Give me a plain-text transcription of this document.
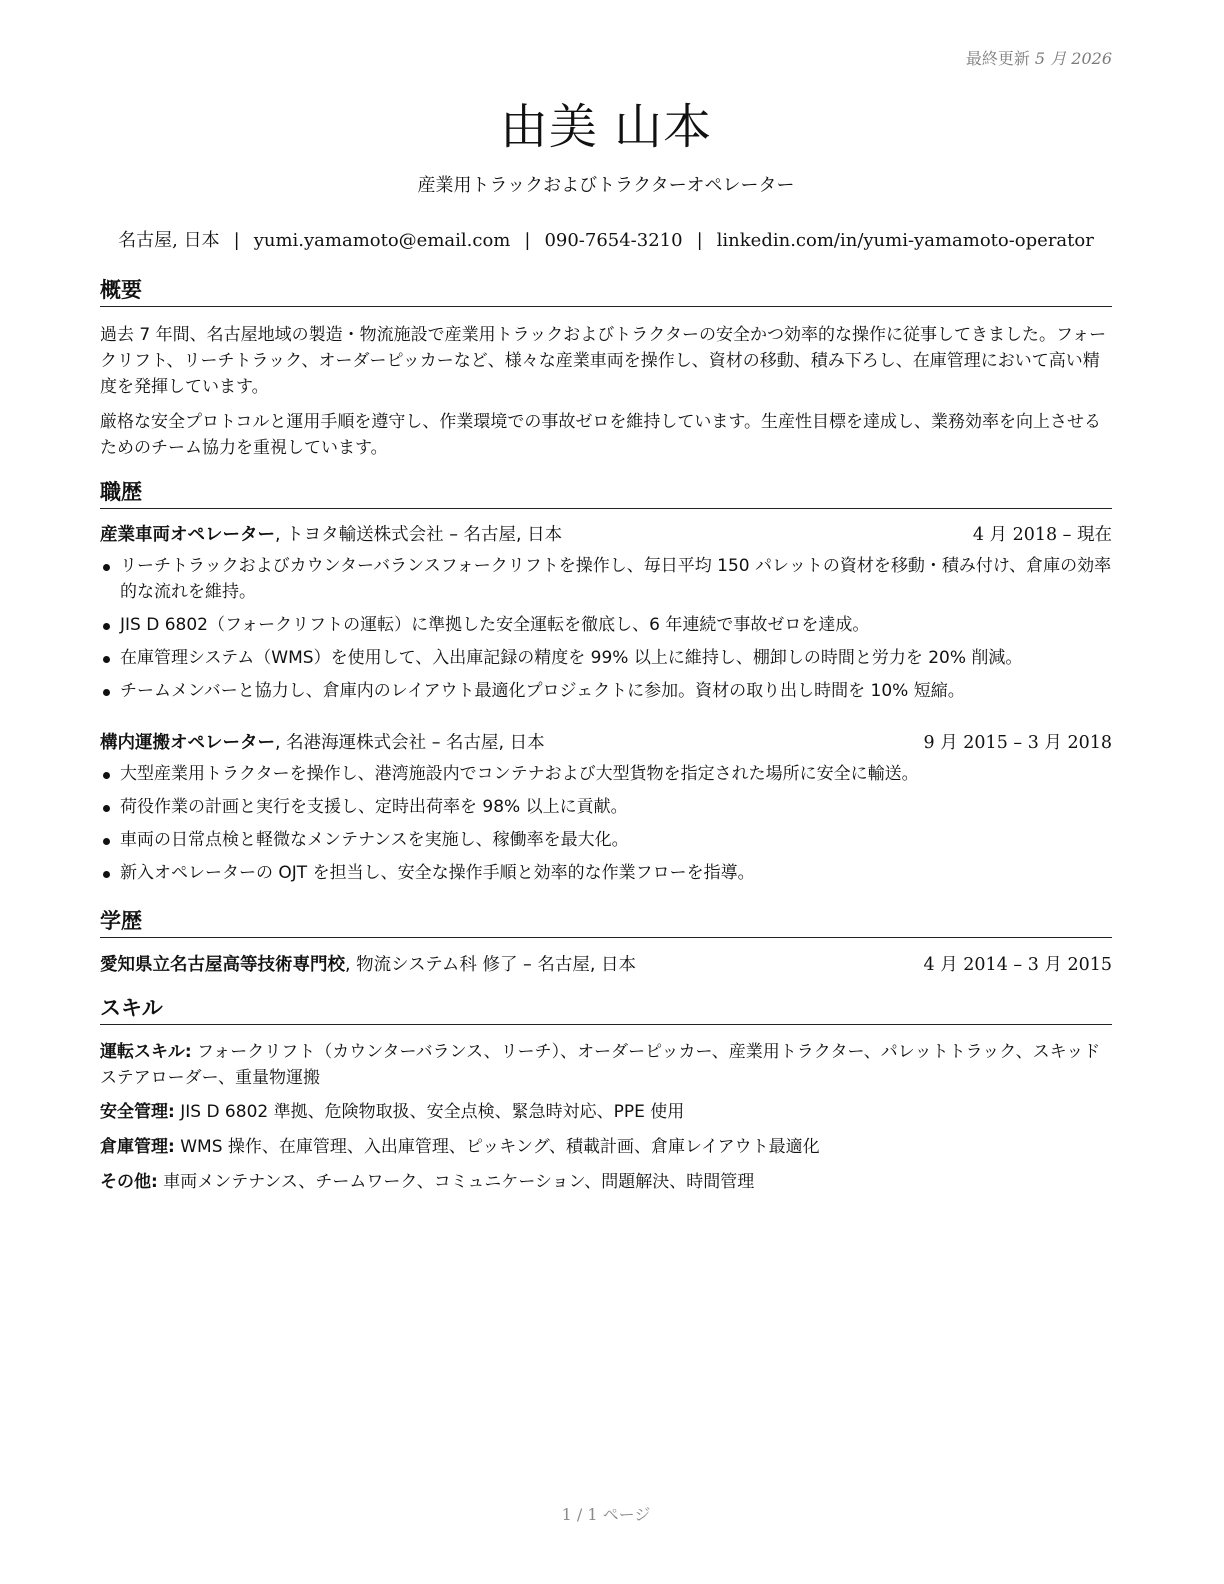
最終更新 5 月 2026
由美 山本
産業用トラックおよびトラクターオペレーター
名古屋, 日本 | yumi.yamamoto@email.com | 090-7654-3210 | linkedin.com/in/yumi-yamamoto-operator
概要
過去 7 年間、名古屋地域の製造・物流施設で産業用トラックおよびトラクターの安全かつ効率的な操作に従事してきました。フォークリフト、リーチトラック、オーダーピッカーなど、様々な産業車両を操作し、資材の移動、積み下ろし、在庫管理において高い精度を発揮しています。
厳格な安全プロトコルと運用手順を遵守し、作業環境での事故ゼロを維持しています。生産性目標を達成し、業務効率を向上させるためのチーム協力を重視しています。
職歴
産業車両オペレーター, トヨタ輸送株式会社 – 名古屋, 日本	4 月 2018 – 現在
リーチトラックおよびカウンターバランスフォークリフトを操作し、毎日平均 150 パレットの資材を移動・積み付け、倉庫の効率的な流れを維持。
JIS D 6802（フォークリフトの運転）に準拠した安全運転を徹底し、6 年連続で事故ゼロを達成。
在庫管理システム（WMS）を使用して、入出庫記録の精度を 99% 以上に維持し、棚卸しの時間と労力を 20% 削減。
チームメンバーと協力し、倉庫内のレイアウト最適化プロジェクトに参加。資材の取り出し時間を 10% 短縮。
構内運搬オペレーター, 名港海運株式会社 – 名古屋, 日本	9 月 2015 – 3 月 2018
大型産業用トラクターを操作し、港湾施設内でコンテナおよび大型貨物を指定された場所に安全に輸送。
荷役作業の計画と実行を支援し、定時出荷率を 98% 以上に貢献。
車両の日常点検と軽微なメンテナンスを実施し、稼働率を最大化。
新入オペレーターの OJT を担当し、安全な操作手順と効率的な作業フローを指導。
学歴
愛知県立名古屋高等技術専門校, 物流システム科 修了 – 名古屋, 日本	4 月 2014 – 3 月 2015
スキル
運転スキル: フォークリフト（カウンターバランス、リーチ）、オーダーピッカー、産業用トラクター、パレットトラック、スキッドステアローダー、重量物運搬
安全管理: JIS D 6802 準拠、危険物取扱、安全点検、緊急時対応、PPE 使用
倉庫管理: WMS 操作、在庫管理、入出庫管理、ピッキング、積載計画、倉庫レイアウト最適化
その他: 車両メンテナンス、チームワーク、コミュニケーション、問題解決、時間管理
1 / 1 ページ
